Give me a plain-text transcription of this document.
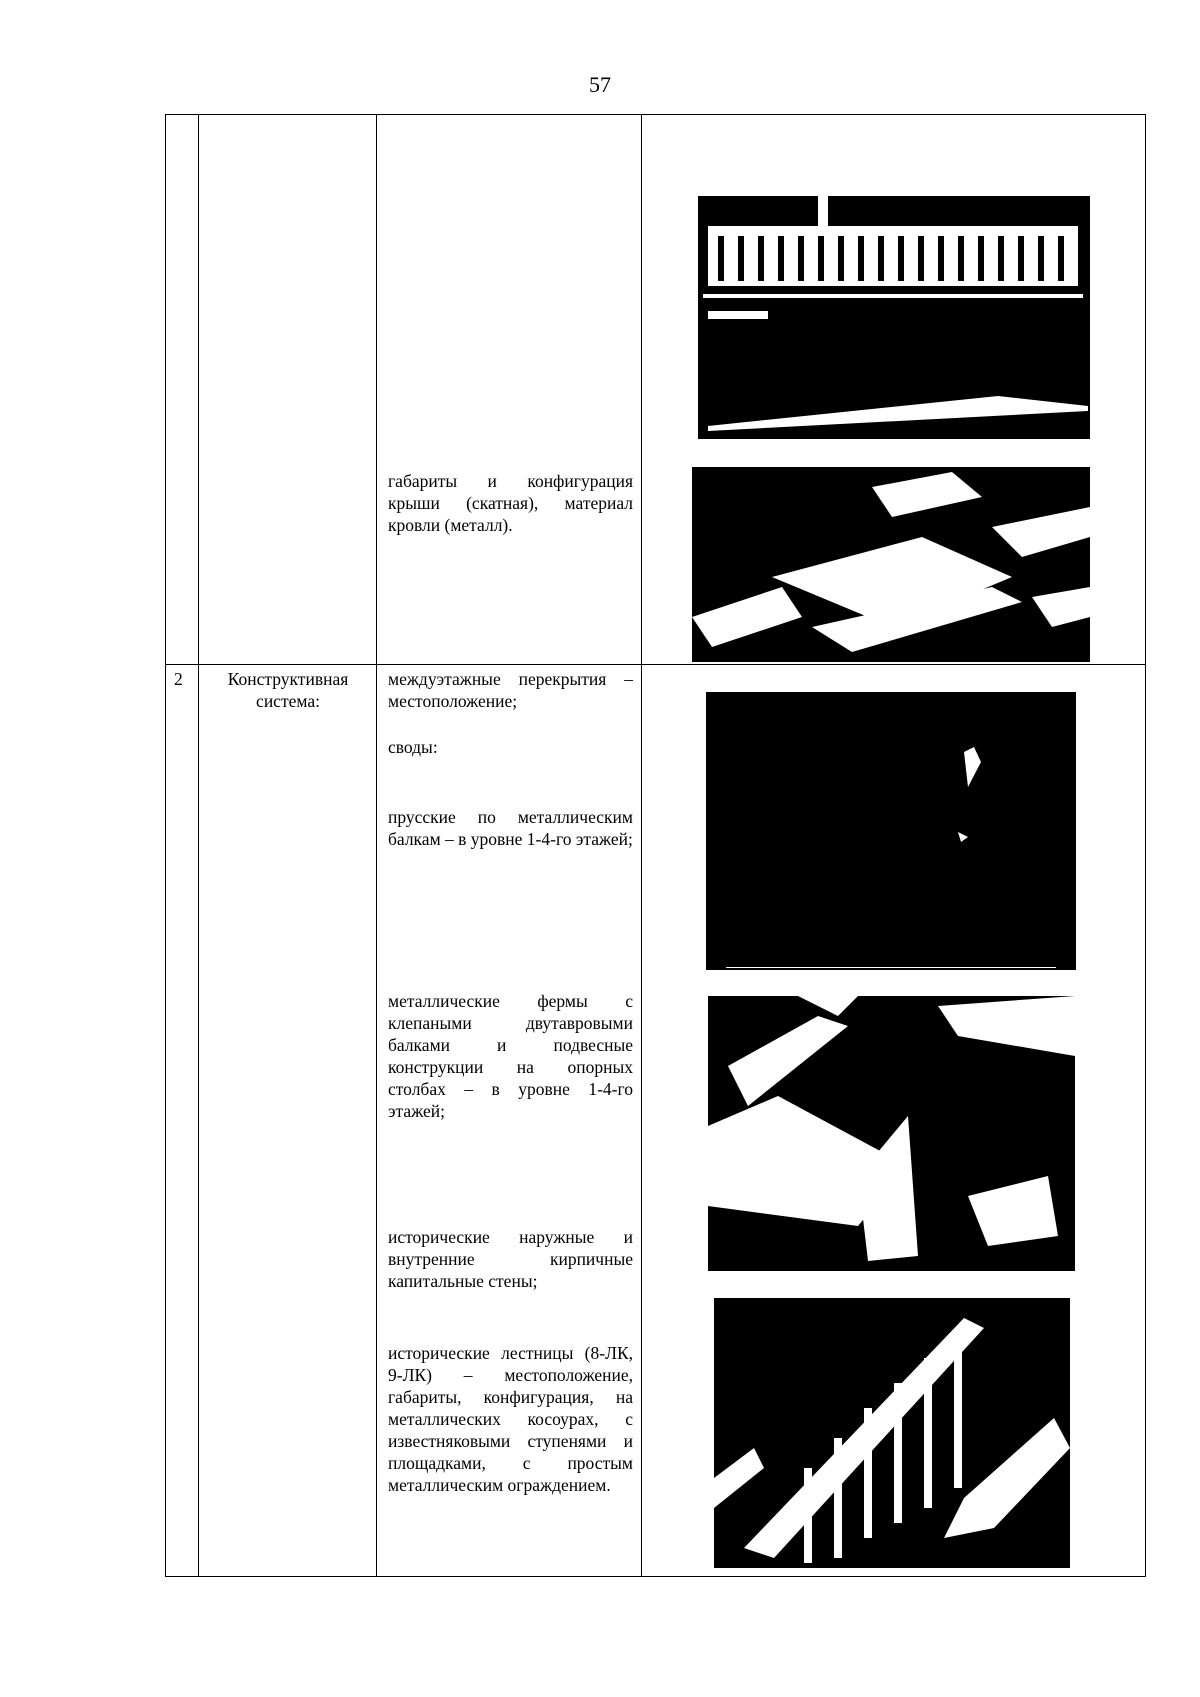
57
габариты и конфигурация крыши (скатная), материал кровли (металл).
2	Конструктивная система:
междуэтажные перекрытия – местоположение;
своды:
прусские по металлическим балкам – в уровне 1-4-го этажей;
металлические фермы с клепаными двутавровыми балками и подвесные конструкции на опорных столбах – в уровне 1-4-го этажей;
исторические наружные и внутренние кирпичные капитальные стены;
исторические лестницы (8-ЛК, 9-ЛК) – местоположение, габариты, конфигурация, на металлических косоурах, с известняковыми ступенями и площадками, с простым металлическим ограждением.
